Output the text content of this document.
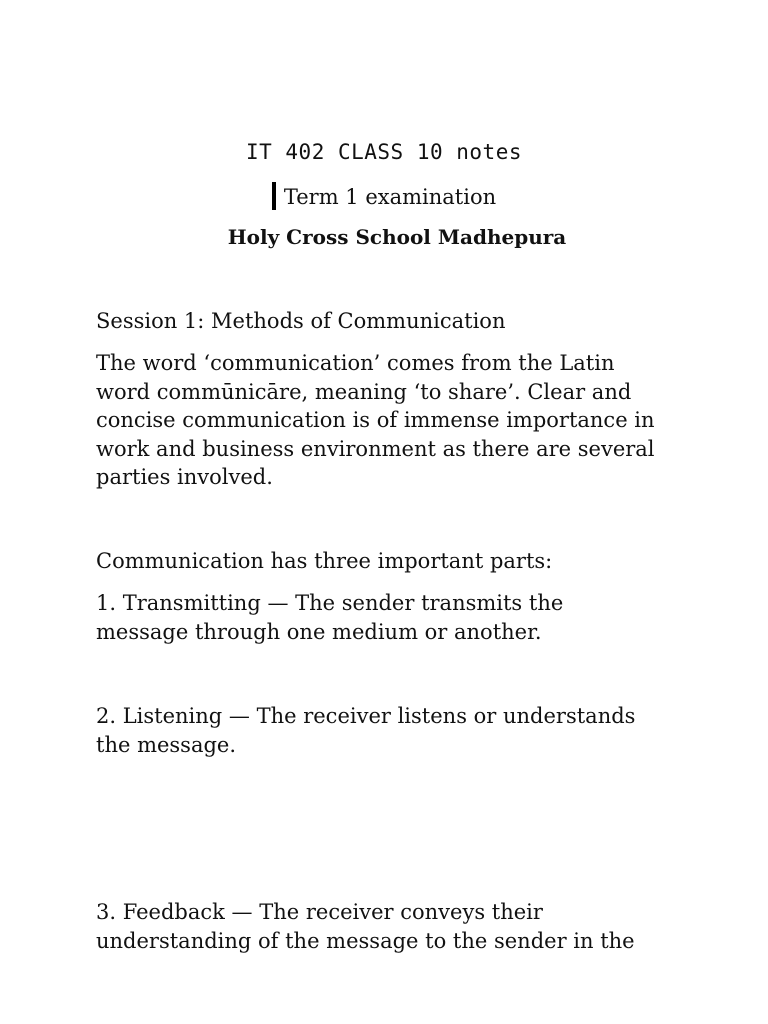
IT 402 CLASS 10 notes
Term 1 examination
Holy Cross School Madhepura

Session 1: Methods of Communication

The word ‘communication’ comes from the Latin word commūnicāre, meaning ‘to share’. Clear and concise communication is of immense importance in work and business environment as there are several parties involved.

Communication has three important parts:

1. Transmitting — The sender transmits the message through one medium or another.

2. Listening — The receiver listens or understands the message.

3. Feedback — The receiver conveys their understanding of the message to the sender in the
